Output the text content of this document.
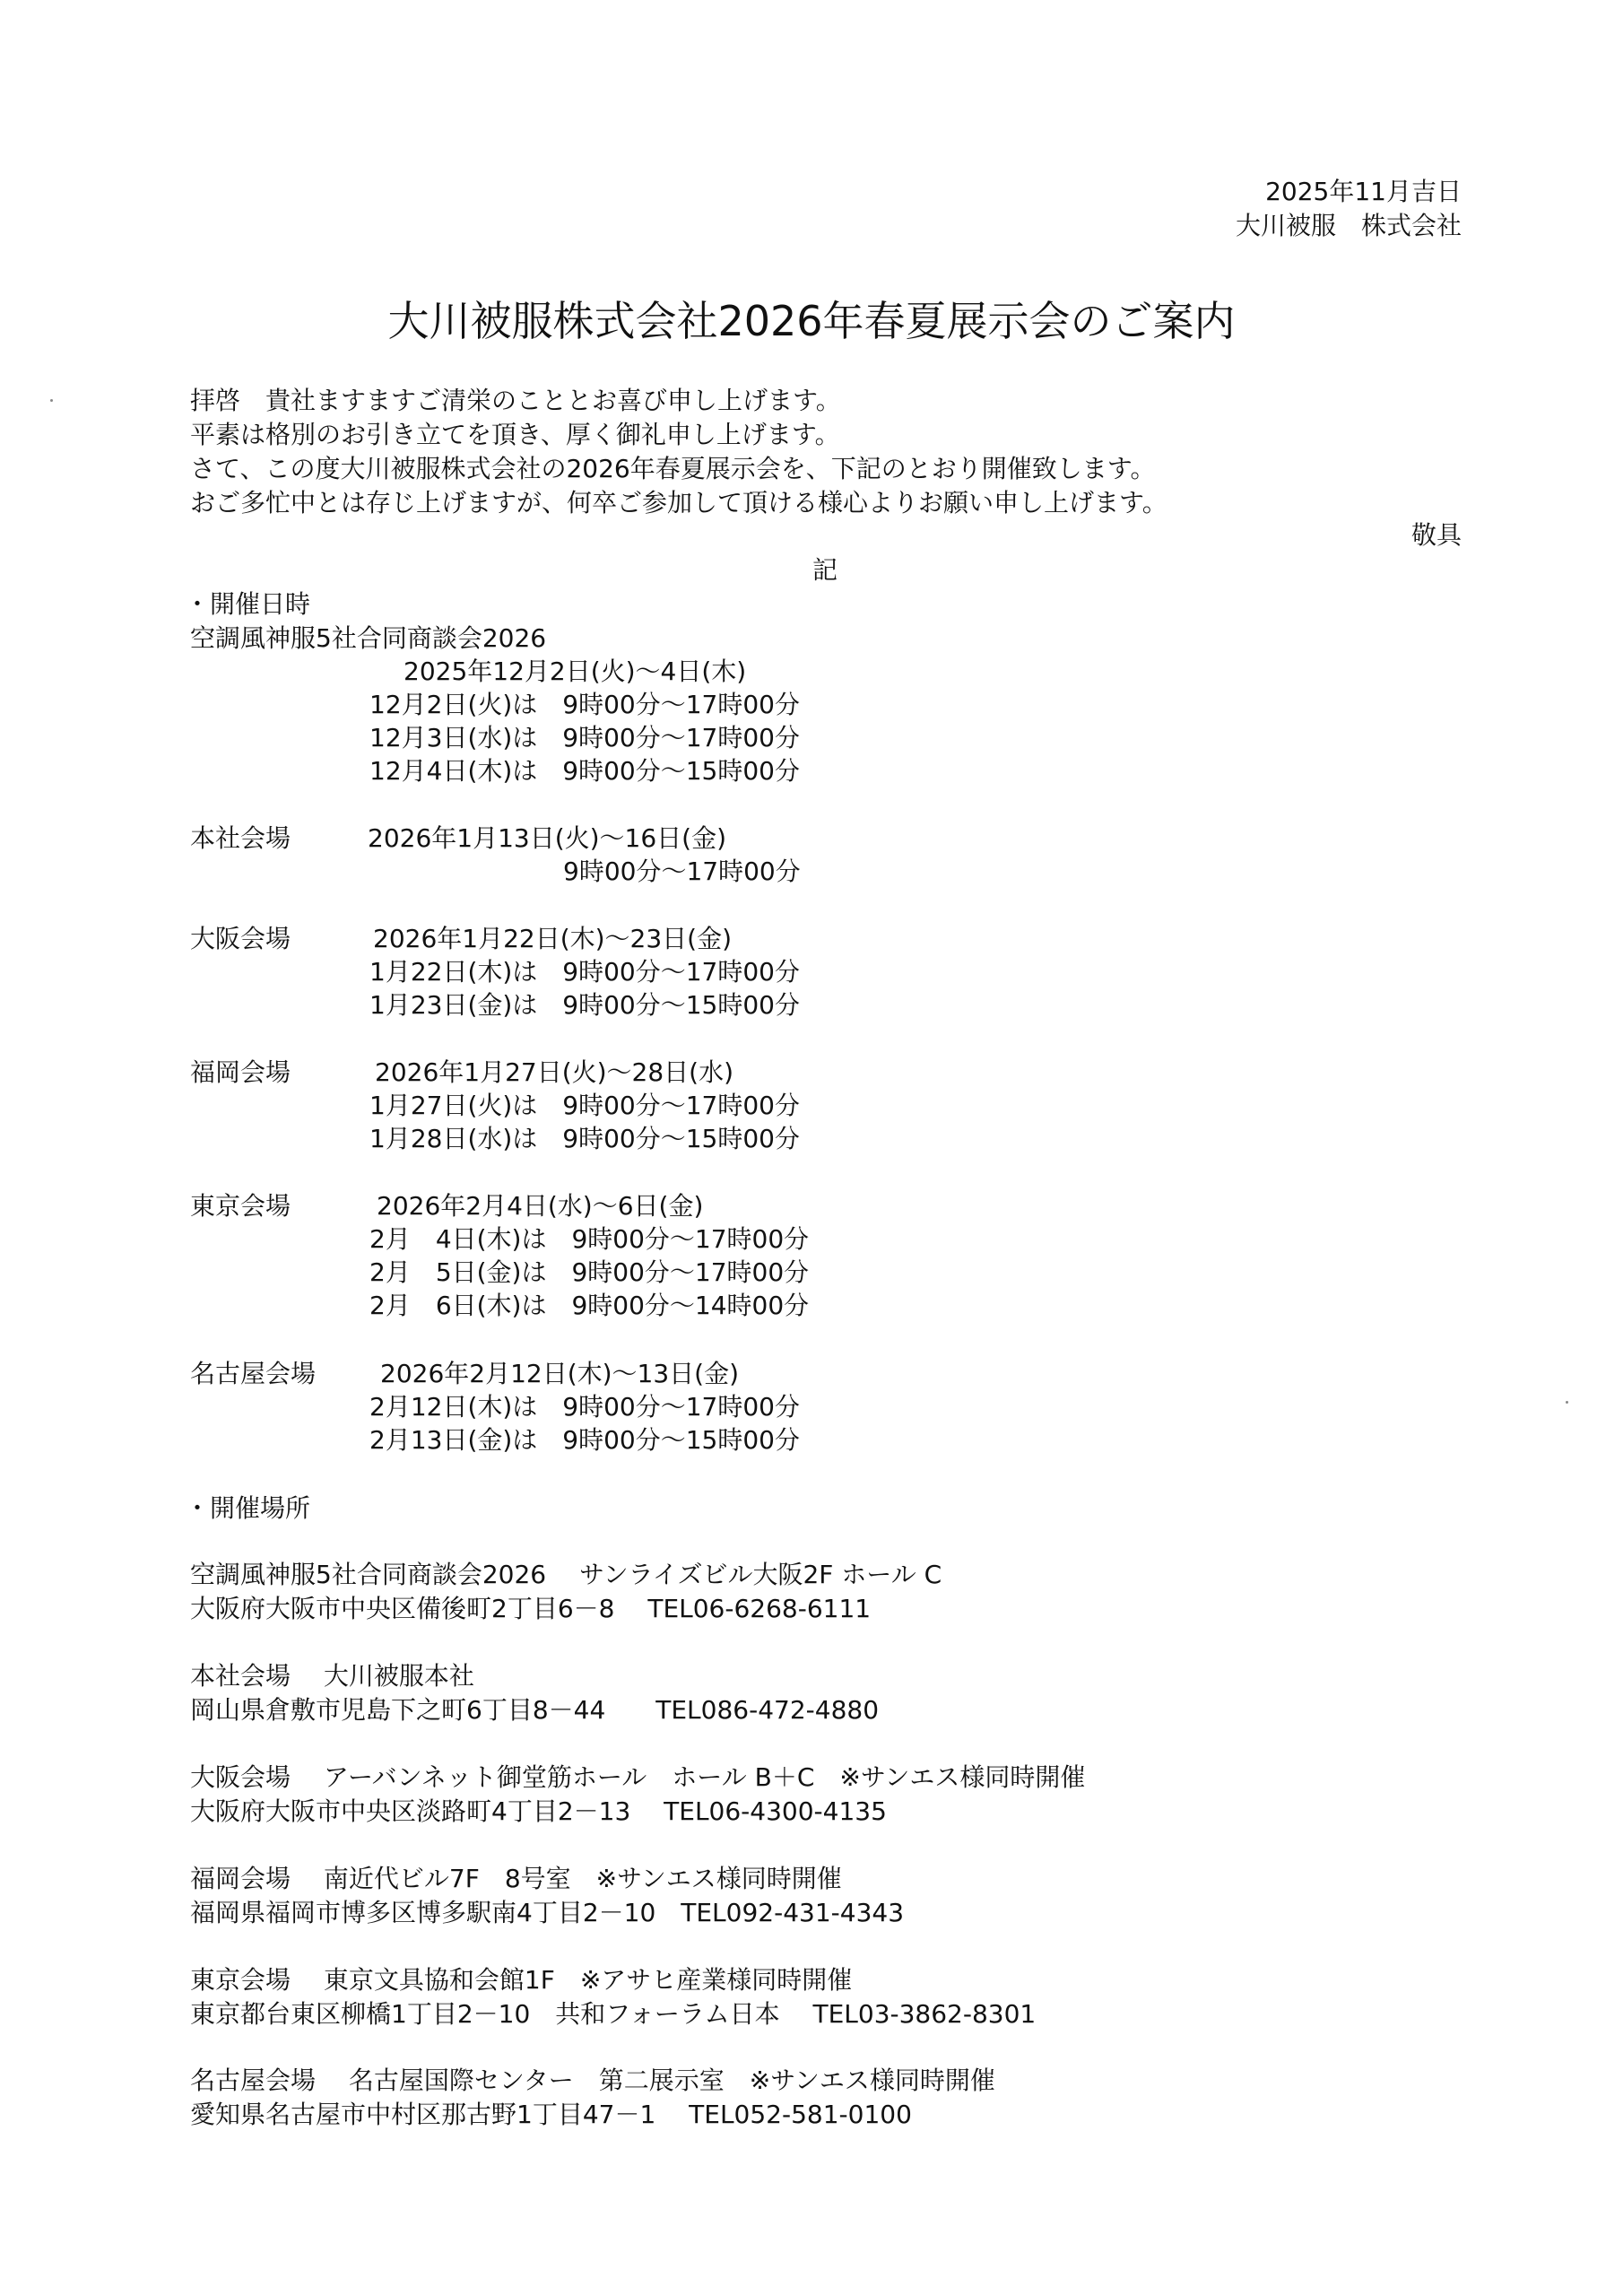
2025年11月吉日
大川被服　株式会社
大川被服株式会社2026年春夏展示会のご案内
拝啓　貴社ますますご清栄のこととお喜び申し上げます。
平素は格別のお引き立てを頂き、厚く御礼申し上げます。
さて、この度大川被服株式会社の2026年春夏展示会を、下記のとおり開催致します。
おご多忙中とは存じ上げますが、何卒ご参加して頂ける様心よりお願い申し上げます。
敬具
記
・開催日時
空調風神服5社合同商談会2026
2025年12月2日(火)～4日(木)
12月2日(火)は　9時00分～17時00分
12月3日(水)は　9時00分～17時00分
12月4日(木)は　9時00分～15時00分
本社会場	2026年1月13日(火)～16日(金)
9時00分～17時00分
大阪会場	2026年1月22日(木)～23日(金)
1月22日(木)は　9時00分～17時00分
1月23日(金)は　9時00分～15時00分
福岡会場	2026年1月27日(火)～28日(水)
1月27日(火)は　9時00分～17時00分
1月28日(水)は　9時00分～15時00分
東京会場	2026年2月4日(水)～6日(金)
2月　4日(木)は　9時00分～17時00分
2月　5日(金)は　9時00分～17時00分
2月　6日(木)は　9時00分～14時00分
名古屋会場	2026年2月12日(木)～13日(金)
2月12日(木)は　9時00分～17時00分
2月13日(金)は　9時00分～15時00分
・開催場所
空調風神服5社合同商談会2026　 サンライズビル大阪2F ホール C
大阪府大阪市中央区備後町2丁目6－8　 TEL06-6268-6111
本社会場　 大川被服本社
岡山県倉敷市児島下之町6丁目8－44　　TEL086-472-4880
大阪会場　 アーバンネット御堂筋ホール　ホール B＋C　※サンエス様同時開催
大阪府大阪市中央区淡路町4丁目2－13　 TEL06-4300-4135
福岡会場　 南近代ビル7F　8号室　※サンエス様同時開催
福岡県福岡市博多区博多駅南4丁目2－10　TEL092-431-4343
東京会場　 東京文具協和会館1F　※アサヒ産業様同時開催
東京都台東区柳橋1丁目2－10　共和フォーラム日本　 TEL03-3862-8301
名古屋会場　 名古屋国際センター　第二展示室　※サンエス様同時開催
愛知県名古屋市中村区那古野1丁目47－1　 TEL052-581-0100
